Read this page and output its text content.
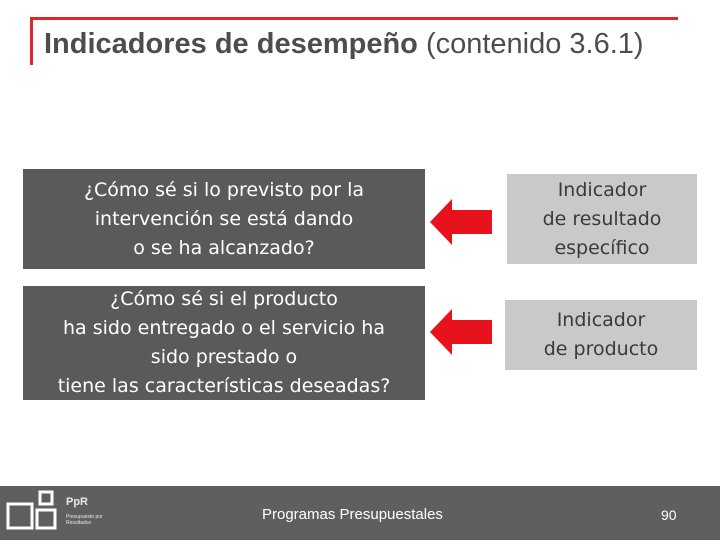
Indicadores de desempeño (contenido 3.6.1)
¿Cómo sé si lo previsto por la
intervención se está dando
o se ha alcanzado?
Indicador
de resultado
específico
¿Cómo sé si el producto
ha sido entregado o el servicio ha
sido prestado o
tiene las características deseadas?
Indicador
de producto
PpR
Presupuesto por Resultados	Programas Presupuestales	90
